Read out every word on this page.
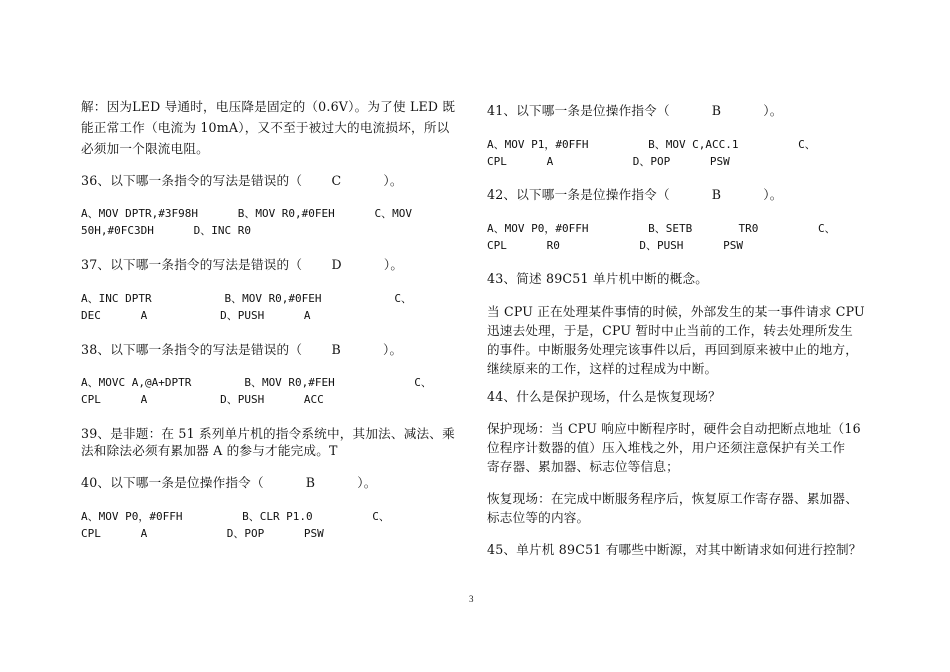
解：因为LED 导通时，电压降是固定的（0.6V）。为了使 LED 既
能正常工作（电流为 10mA），又不至于被过大的电流损坏，所以
必须加一个限流电阻。
36、以下哪一条指令的写法是错误的（       C          ）。
A、MOV DPTR,#3F98H      B、MOV R0,#0FEH      C、MOV
50H,#0FC3DH      D、INC R0
37、以下哪一条指令的写法是错误的（       D          ）。
A、INC DPTR           B、MOV R0,#0FEH           C、
DEC      A           D、PUSH      A
38、以下哪一条指令的写法是错误的（       B          ）。
A、MOVC A,@A+DPTR        B、MOV R0,#FEH            C、
CPL      A           D、PUSH      ACC
39、是非题：在 51 系列单片机的指令系统中，其加法、减法、乘
法和除法必须有累加器 A 的参与才能完成。T
40、以下哪一条是位操作指令（          B          ）。
A、MOV P0，#0FFH         B、CLR P1.0         C、
CPL      A            D、POP      PSW
41、以下哪一条是位操作指令（          B          ）。
A、MOV P1，#0FFH         B、MOV C,ACC.1         C、
CPL      A            D、POP      PSW
42、以下哪一条是位操作指令（          B          ）。
A、MOV P0，#0FFH         B、SETB       TR0         C、
CPL      R0            D、PUSH      PSW
43、简述 89C51 单片机中断的概念。
当 CPU 正在处理某件事情的时候，外部发生的某一事件请求 CPU
迅速去处理，于是，CPU 暂时中止当前的工作，转去处理所发生
的事件。中断服务处理完该事件以后，再回到原来被中止的地方，
继续原来的工作，这样的过程成为中断。
44、什么是保护现场，什么是恢复现场？
保护现场：当 CPU 响应中断程序时，硬件会自动把断点地址（16
位程序计数器的值）压入堆栈之外，用户还须注意保护有关工作
寄存器、累加器、标志位等信息；
恢复现场：在完成中断服务程序后，恢复原工作寄存器、累加器、
标志位等的内容。
45、单片机 89C51 有哪些中断源，对其中断请求如何进行控制？
3
